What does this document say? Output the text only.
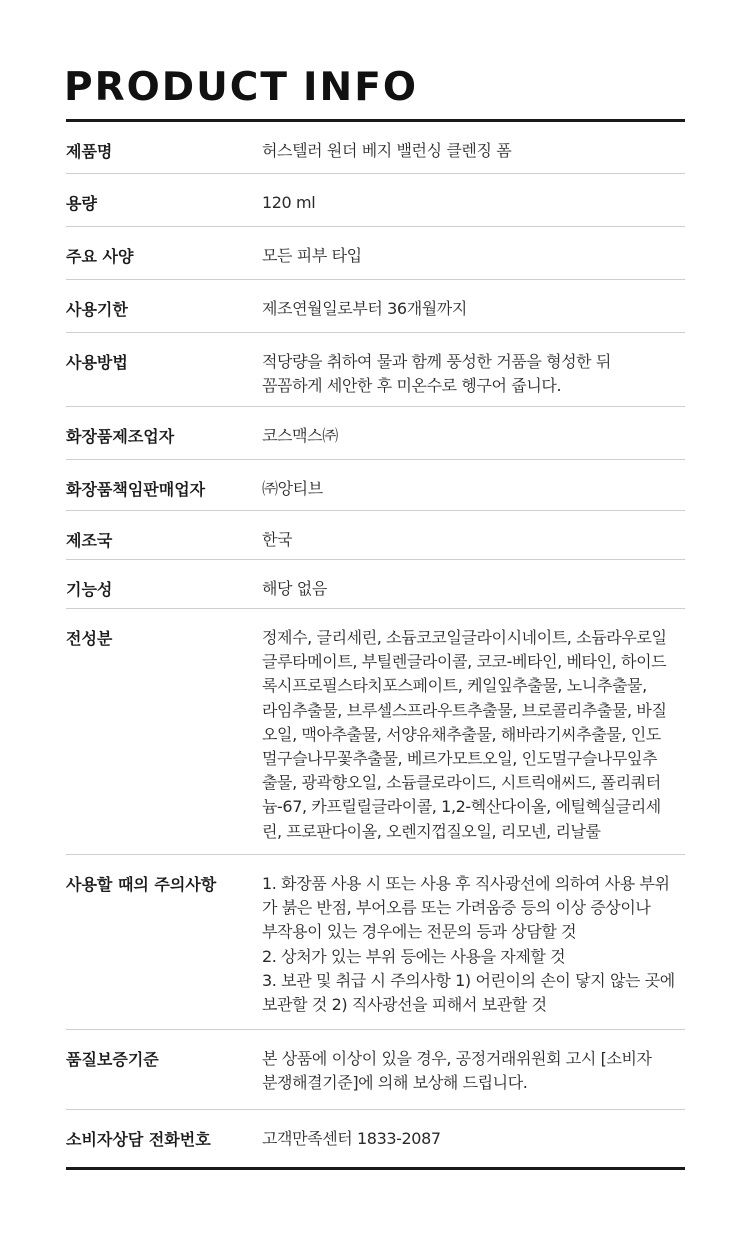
PRODUCT INFO
제품명	허스텔러 원더 베지 밸런싱 클렌징 폼
용량	120 ml
주요 사양	모든 피부 타입
사용기한	제조연월일로부터 36개월까지
사용방법	적당량을 취하여 물과 함께 풍성한 거품을 형성한 뒤
꼼꼼하게 세안한 후 미온수로 헹구어 줍니다.
화장품제조업자	코스맥스㈜
화장품책임판매업자	㈜앙티브
제조국	한국
기능성	해당 없음
전성분	정제수, 글리세린, 소듐코코일글라이시네이트, 소듐라우로일
글루타메이트, 부틸렌글라이콜, 코코-베타인, 베타인, 하이드
록시프로필스타치포스페이트, 케일잎추출물, 노니추출물,
라임추출물, 브루셀스프라우트추출물, 브로콜리추출물, 바질
오일, 맥아추출물, 서양유채추출물, 해바라기씨추출물, 인도
멀구슬나무꽃추출물, 베르가모트오일, 인도멀구슬나무잎추
출물, 광곽향오일, 소듐클로라이드, 시트릭애씨드, 폴리쿼터
늄-67, 카프릴릴글라이콜, 1,2-헥산다이올, 에틸헥실글리세
린, 프로판다이올, 오렌지껍질오일, 리모넨, 리날룰
사용할 때의 주의사항	1. 화장품 사용 시 또는 사용 후 직사광선에 의하여 사용 부위
가 붉은 반점, 부어오름 또는 가려움증 등의 이상 증상이나
부작용이 있는 경우에는 전문의 등과 상담할 것
2. 상처가 있는 부위 등에는 사용을 자제할 것
3. 보관 및 취급 시 주의사항 1) 어린이의 손이 닿지 않는 곳에
보관할 것 2) 직사광선을 피해서 보관할 것
품질보증기준	본 상품에 이상이 있을 경우, 공정거래위원회 고시 [소비자
분쟁해결기준]에 의해 보상해 드립니다.
소비자상담 전화번호	고객만족센터 1833-2087
